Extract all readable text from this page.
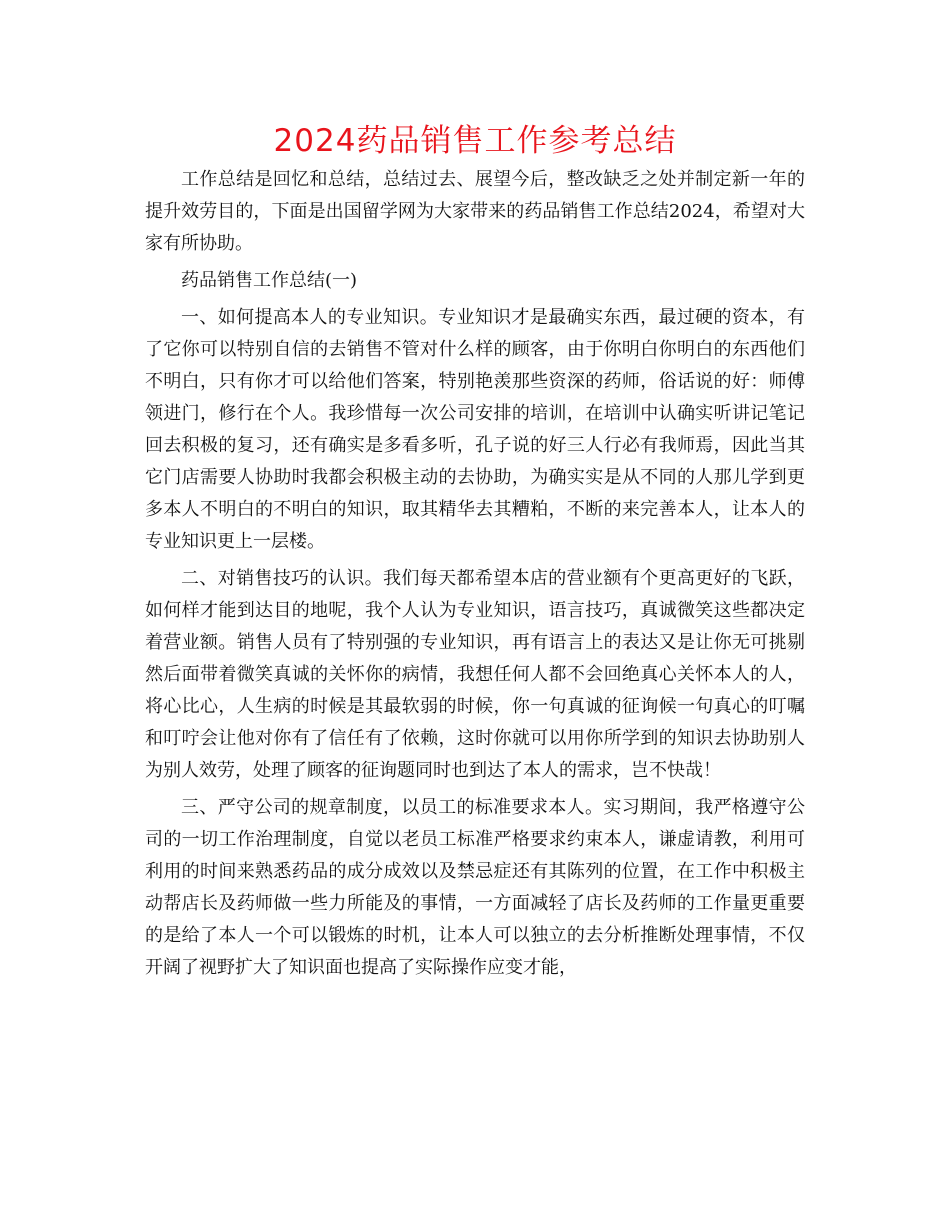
2024药品销售工作参考总结

工作总结是回忆和总结，总结过去、展望今后，整改缺乏之处并制定新一年的提升效劳目的，下面是出国留学网为大家带来的药品销售工作总结2024，希望对大家有所协助。

药品销售工作总结(一)

一、如何提高本人的专业知识。专业知识才是最确实东西，最过硬的资本，有了它你可以特别自信的去销售不管对什么样的顾客，由于你明白你明白的东西他们不明白，只有你才可以给他们答案，特别艳羡那些资深的药师，俗话说的好：师傅领进门，修行在个人。我珍惜每一次公司安排的培训，在培训中认确实听讲记笔记回去积极的复习，还有确实是多看多听，孔子说的好三人行必有我师焉，因此当其它门店需要人协助时我都会积极主动的去协助，为确实实是从不同的人那儿学到更多本人不明白的不明白的知识，取其精华去其糟粕，不断的来完善本人，让本人的专业知识更上一层楼。

二、对销售技巧的认识。我们每天都希望本店的营业额有个更高更好的飞跃，如何样才能到达目的地呢，我个人认为专业知识，语言技巧，真诚微笑这些都决定着营业额。销售人员有了特别强的专业知识，再有语言上的表达又是让你无可挑剔然后面带着微笑真诚的关怀你的病情，我想任何人都不会回绝真心关怀本人的人，将心比心，人生病的时候是其最软弱的时候，你一句真诚的征询候一句真心的叮嘱和叮咛会让他对你有了信任有了依赖，这时你就可以用你所学到的知识去协助别人为别人效劳，处理了顾客的征询题同时也到达了本人的需求，岂不快哉！

三、严守公司的规章制度，以员工的标准要求本人。实习期间，我严格遵守公司的一切工作治理制度，自觉以老员工标准严格要求约束本人，谦虚请教，利用可利用的时间来熟悉药品的成分成效以及禁忌症还有其陈列的位置，在工作中积极主动帮店长及药师做一些力所能及的事情，一方面减轻了店长及药师的工作量更重要的是给了本人一个可以锻炼的时机，让本人可以独立的去分析推断处理事情，不仅开阔了视野扩大了知识面也提高了实际操作应变才能，
